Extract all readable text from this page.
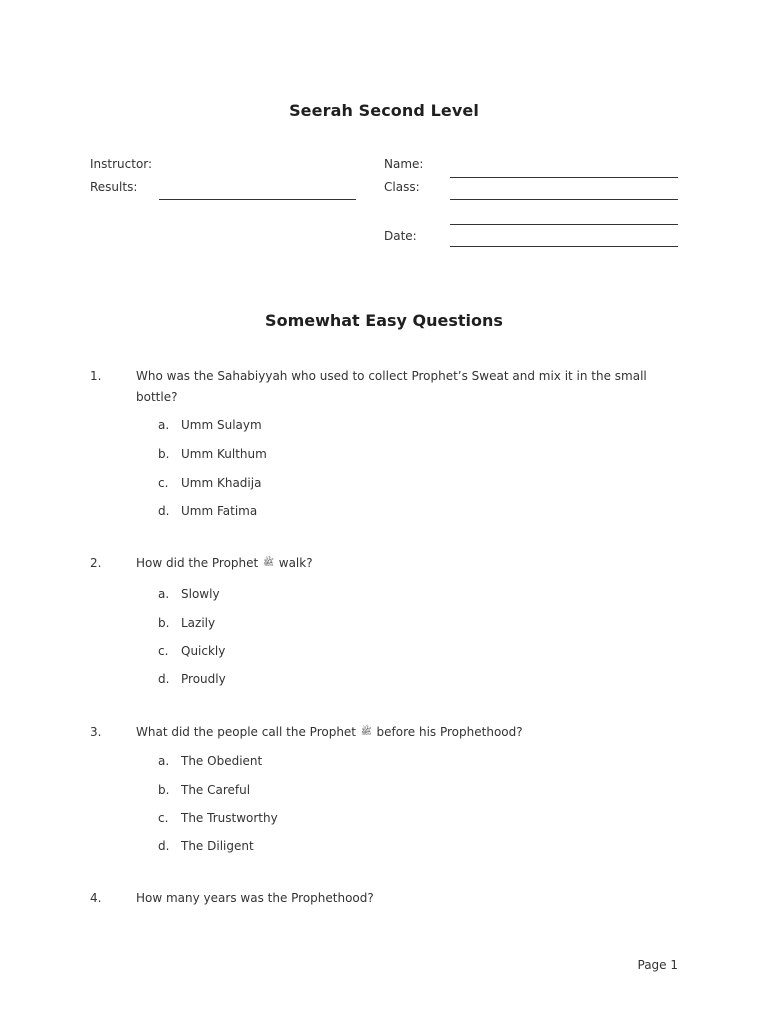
Seerah Second Level
Instructor:
Results:
Name:
Class:
Date:
Somewhat Easy Questions
1.	Who was the Sahabiyyah who used to collect Prophet’s Sweat and mix it in the small bottle?
a. Umm Sulaym
b. Umm Kulthum
c. Umm Khadija
d. Umm Fatima
2.	How did the Prophet ﷺ walk?
a. Slowly
b. Lazily
c. Quickly
d. Proudly
3.	What did the people call the Prophet ﷺ before his Prophethood?
a. The Obedient
b. The Careful
c. The Trustworthy
d. The Diligent
4.	How many years was the Prophethood?
Page 1
